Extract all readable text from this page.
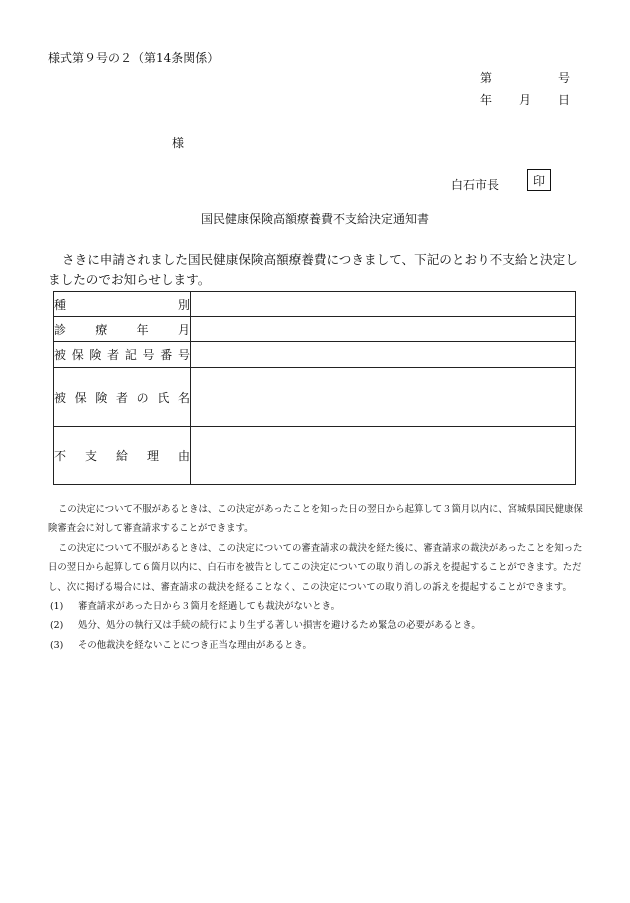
様式第９号の２（第14条関係）
第	号
年 月 日
様
白石市長	印
国民健康保険高額療養費不支給決定通知書
さきに申請されました国民健康保険高額療養費につきまして、下記のとおり不支給と決定しましたのでお知らせします。
種別	

診療年月	

被保険者記号番号	

被保険者の氏名	

不支給理由	

この決定について不服があるときは、この決定があったことを知った日の翌日から起算して３箇月以内に、宮城県国民健康保険審査会に対して審査請求することができます。

この決定について不服があるときは、この決定についての審査請求の裁決を経た後に、審査請求の裁決があったことを知った日の翌日から起算して６箇月以内に、白石市を被告としてこの決定についての取り消しの訴えを提起することができます。ただし、次に掲げる場合には、審査請求の裁決を経ることなく、この決定についての取り消しの訴えを提起することができます。

(1) 審査請求があった日から３箇月を経過しても裁決がないとき。

(2) 処分、処分の執行又は手続の続行により生ずる著しい損害を避けるため緊急の必要があるとき。

(3) その他裁決を経ないことにつき正当な理由があるとき。
